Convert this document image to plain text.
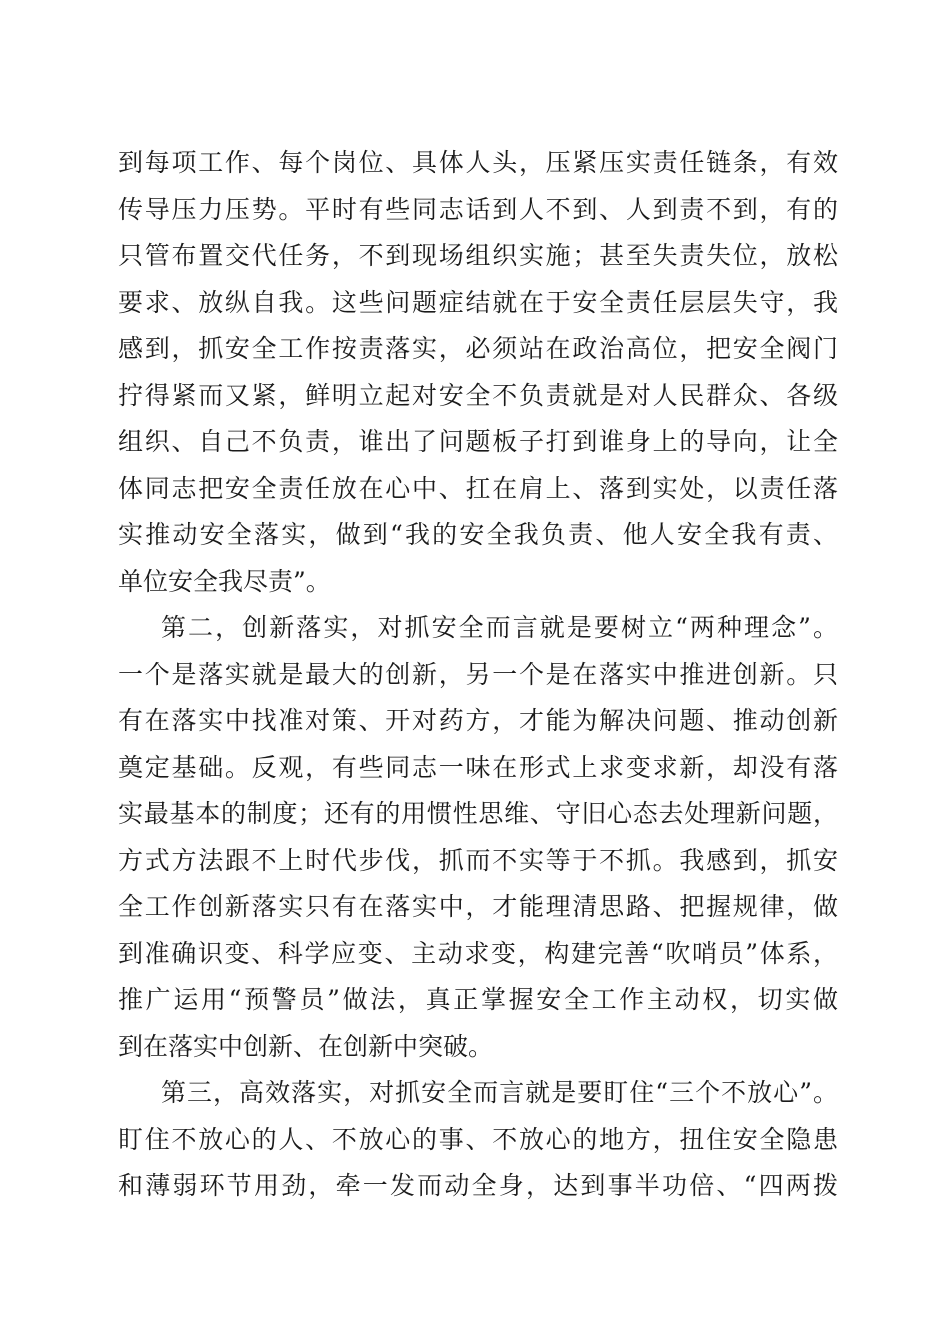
到每项工作、每个岗位、具体人头，压紧压实责任链条，有效
传导压力压势。平时有些同志话到人不到、人到责不到，有的
只管布置交代任务，不到现场组织实施；甚至失责失位，放松
要求、放纵自我。这些问题症结就在于安全责任层层失守，我
感到，抓安全工作按责落实，必须站在政治高位，把安全阀门
拧得紧而又紧，鲜明立起对安全不负责就是对人民群众、各级
组织、自己不负责，谁出了问题板子打到谁身上的导向，让全
体同志把安全责任放在心中、扛在肩上、落到实处，以责任落
实推动安全落实，做到“我的安全我负责、他人安全我有责、
单位安全我尽责”。
第二，创新落实，对抓安全而言就是要树立“两种理念”。
一个是落实就是最大的创新，另一个是在落实中推进创新。只
有在落实中找准对策、开对药方，才能为解决问题、推动创新
奠定基础。反观，有些同志一味在形式上求变求新，却没有落
实最基本的制度；还有的用惯性思维、守旧心态去处理新问题，
方式方法跟不上时代步伐，抓而不实等于不抓。我感到，抓安
全工作创新落实只有在落实中，才能理清思路、把握规律，做
到准确识变、科学应变、主动求变，构建完善“吹哨员”体系，
推广运用“预警员”做法，真正掌握安全工作主动权，切实做
到在落实中创新、在创新中突破。
第三，高效落实，对抓安全而言就是要盯住“三个不放心”。
盯住不放心的人、不放心的事、不放心的地方，扭住安全隐患
和薄弱环节用劲，牵一发而动全身，达到事半功倍、“四两拨
